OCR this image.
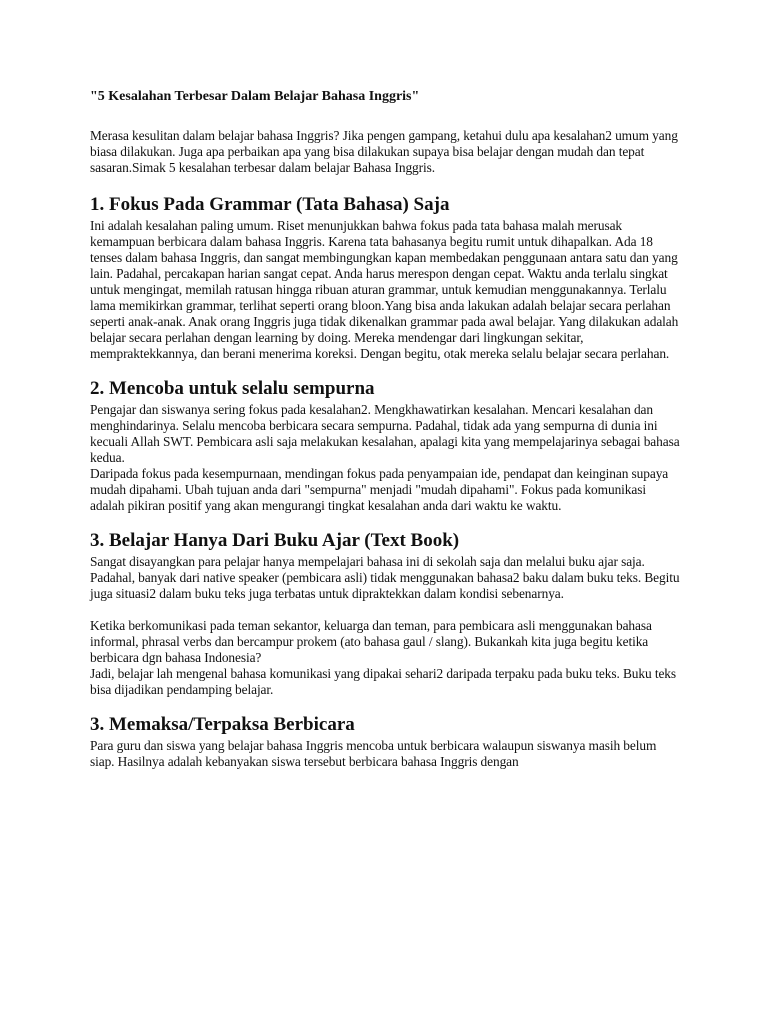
"5 Kesalahan Terbesar Dalam Belajar Bahasa Inggris"

Merasa kesulitan dalam belajar bahasa Inggris? Jika pengen gampang, ketahui dulu apa kesalahan2 umum yang biasa dilakukan. Juga apa perbaikan apa yang bisa dilakukan supaya bisa belajar dengan mudah dan tepat sasaran.Simak 5 kesalahan terbesar dalam belajar Bahasa Inggris.

1. Fokus Pada Grammar (Tata Bahasa) Saja

Ini adalah kesalahan paling umum. Riset menunjukkan bahwa fokus pada tata bahasa malah merusak kemampuan berbicara dalam bahasa Inggris. Karena tata bahasanya begitu rumit untuk dihapalkan. Ada 18 tenses dalam bahasa Inggris, dan sangat membingungkan kapan membedakan penggunaan antara satu dan yang lain. Padahal, percakapan harian sangat cepat. Anda harus merespon dengan cepat. Waktu anda terlalu singkat untuk mengingat, memilah ratusan hingga ribuan aturan grammar, untuk kemudian menggunakannya. Terlalu lama memikirkan grammar, terlihat seperti orang bloon.Yang bisa anda lakukan adalah belajar secara perlahan seperti anak-anak. Anak orang Inggris juga tidak dikenalkan grammar pada awal belajar. Yang dilakukan adalah belajar secara perlahan dengan learning by doing. Mereka mendengar dari lingkungan sekitar, mempraktekkannya, dan berani menerima koreksi. Dengan begitu, otak mereka selalu belajar secara perlahan.

2. Mencoba untuk selalu sempurna

Pengajar dan siswanya sering fokus pada kesalahan2. Mengkhawatirkan kesalahan. Mencari kesalahan dan menghindarinya. Selalu mencoba berbicara secara sempurna. Padahal, tidak ada yang sempurna di dunia ini kecuali Allah SWT. Pembicara asli saja melakukan kesalahan, apalagi kita yang mempelajarinya sebagai bahasa kedua.

Daripada fokus pada kesempurnaan, mendingan fokus pada penyampaian ide, pendapat dan keinginan supaya mudah dipahami. Ubah tujuan anda dari "sempurna" menjadi "mudah dipahami". Fokus pada komunikasi adalah pikiran positif yang akan mengurangi tingkat kesalahan anda dari waktu ke waktu.

3. Belajar Hanya Dari Buku Ajar (Text Book)

Sangat disayangkan para pelajar hanya mempelajari bahasa ini di sekolah saja dan melalui buku ajar saja. Padahal, banyak dari native speaker (pembicara asli) tidak menggunakan bahasa2 baku dalam buku teks. Begitu juga situasi2 dalam buku teks juga terbatas untuk dipraktekkan dalam kondisi sebenarnya.

Ketika berkomunikasi pada teman sekantor, keluarga dan teman, para pembicara asli menggunakan bahasa informal, phrasal verbs dan bercampur prokem (ato bahasa gaul / slang). Bukankah kita juga begitu ketika berbicara dgn bahasa Indonesia?

Jadi, belajar lah mengenal bahasa komunikasi yang dipakai sehari2 daripada terpaku pada buku teks. Buku teks bisa dijadikan pendamping belajar.

3. Memaksa/Terpaksa Berbicara

Para guru dan siswa yang belajar bahasa Inggris mencoba untuk berbicara walaupun siswanya masih belum siap. Hasilnya adalah kebanyakan siswa tersebut berbicara bahasa Inggris dengan
